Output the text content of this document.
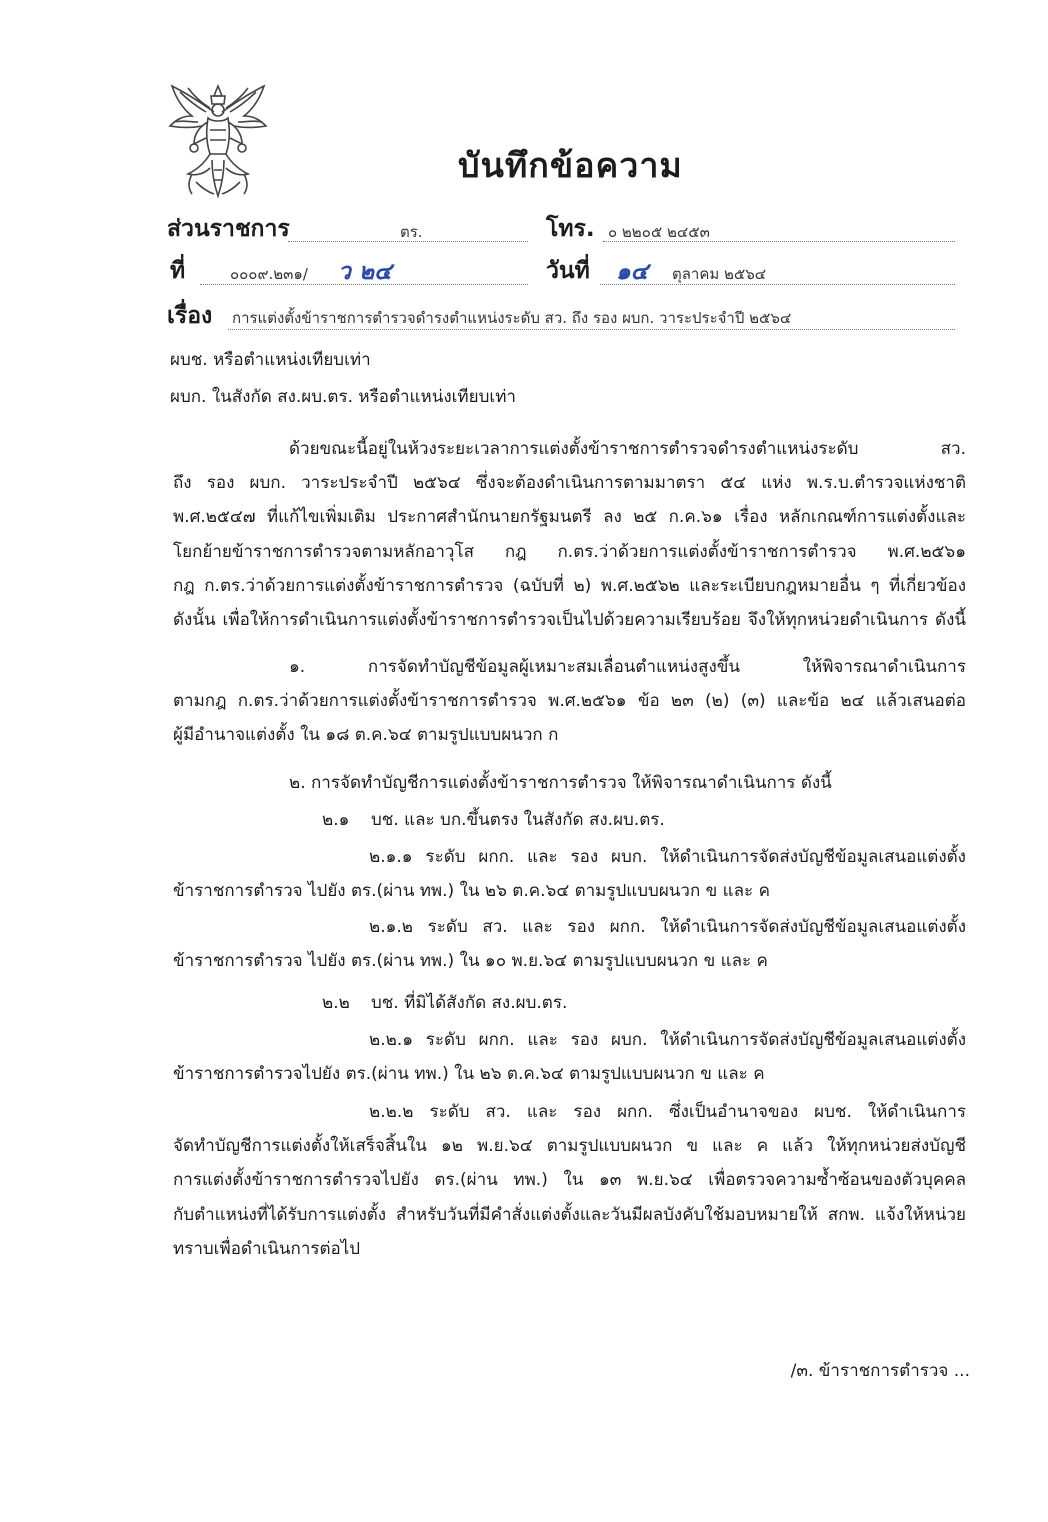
บันทึกข้อความ
ส่วนราชการ	ตร.	โทร. ๐ ๒๒๐๕ ๒๔๕๓
ที่	๐๐๐๙.๒๓๑/ ว ๒๔	วันที่ ๑๔ ตุลาคม ๒๕๖๔
เรื่อง การแต่งตั้งข้าราชการตำรวจดำรงตำแหน่งระดับ สว. ถึง รอง ผบก. วาระประจำปี ๒๕๖๔
ผบช. หรือตำแหน่งเทียบเท่า
ผบก. ในสังกัด สง.ผบ.ตร. หรือตำแหน่งเทียบเท่า
ด้วยขณะนี้อยู่ในห้วงระยะเวลาการแต่งตั้งข้าราชการตำรวจดำรงตำแหน่งระดับ สว.
ถึง รอง ผบก. วาระประจำปี ๒๕๖๔ ซึ่งจะต้องดำเนินการตามมาตรา ๕๔ แห่ง พ.ร.บ.ตำรวจแห่งชาติ
พ.ศ.๒๕๔๗ ที่แก้ไขเพิ่มเติม ประกาศสำนักนายกรัฐมนตรี ลง ๒๕ ก.ค.๖๑ เรื่อง หลักเกณฑ์การแต่งตั้งและ
โยกย้ายข้าราชการตำรวจตามหลักอาวุโส กฎ ก.ตร.ว่าด้วยการแต่งตั้งข้าราชการตำรวจ พ.ศ.๒๕๖๑
กฎ ก.ตร.ว่าด้วยการแต่งตั้งข้าราชการตำรวจ (ฉบับที่ ๒) พ.ศ.๒๕๖๒ และระเบียบกฎหมายอื่น ๆ ที่เกี่ยวข้อง
ดังนั้น เพื่อให้การดำเนินการแต่งตั้งข้าราชการตำรวจเป็นไปด้วยความเรียบร้อย จึงให้ทุกหน่วยดำเนินการ ดังนี้
๑. การจัดทำบัญชีข้อมูลผู้เหมาะสมเลื่อนตำแหน่งสูงขึ้น ให้พิจารณาดำเนินการ
ตามกฎ ก.ตร.ว่าด้วยการแต่งตั้งข้าราชการตำรวจ พ.ศ.๒๕๖๑ ข้อ ๒๓ (๒) (๓) และข้อ ๒๔ แล้วเสนอต่อ
ผู้มีอำนาจแต่งตั้ง ใน ๑๘ ต.ค.๖๔ ตามรูปแบบผนวก ก
๒. การจัดทำบัญชีการแต่งตั้งข้าราชการตำรวจ ให้พิจารณาดำเนินการ ดังนี้
๒.๑ บช. และ บก.ขึ้นตรง ในสังกัด สง.ผบ.ตร.
๒.๑.๑ ระดับ ผกก. และ รอง ผบก. ให้ดำเนินการจัดส่งบัญชีข้อมูลเสนอแต่งตั้ง
ข้าราชการตำรวจ ไปยัง ตร.(ผ่าน ทพ.) ใน ๒๖ ต.ค.๖๔ ตามรูปแบบผนวก ข และ ค
๒.๑.๒ ระดับ สว. และ รอง ผกก. ให้ดำเนินการจัดส่งบัญชีข้อมูลเสนอแต่งตั้ง
ข้าราชการตำรวจ ไปยัง ตร.(ผ่าน ทพ.) ใน ๑๐ พ.ย.๖๔ ตามรูปแบบผนวก ข และ ค
๒.๒ บช. ที่มิได้สังกัด สง.ผบ.ตร.
๒.๒.๑ ระดับ ผกก. และ รอง ผบก. ให้ดำเนินการจัดส่งบัญชีข้อมูลเสนอแต่งตั้ง
ข้าราชการตำรวจไปยัง ตร.(ผ่าน ทพ.) ใน ๒๖ ต.ค.๖๔ ตามรูปแบบผนวก ข และ ค
๒.๒.๒ ระดับ สว. และ รอง ผกก. ซึ่งเป็นอำนาจของ ผบช. ให้ดำเนินการ
จัดทำบัญชีการแต่งตั้งให้เสร็จสิ้นใน ๑๒ พ.ย.๖๔ ตามรูปแบบผนวก ข และ ค แล้ว ให้ทุกหน่วยส่งบัญชี
การแต่งตั้งข้าราชการตำรวจไปยัง ตร.(ผ่าน ทพ.) ใน ๑๓ พ.ย.๖๔ เพื่อตรวจความซ้ำซ้อนของตัวบุคคล
กับตำแหน่งที่ได้รับการแต่งตั้ง สำหรับวันที่มีคำสั่งแต่งตั้งและวันมีผลบังคับใช้มอบหมายให้ สกพ. แจ้งให้หน่วย
ทราบเพื่อดำเนินการต่อไป
/๓. ข้าราชการตำรวจ ...
